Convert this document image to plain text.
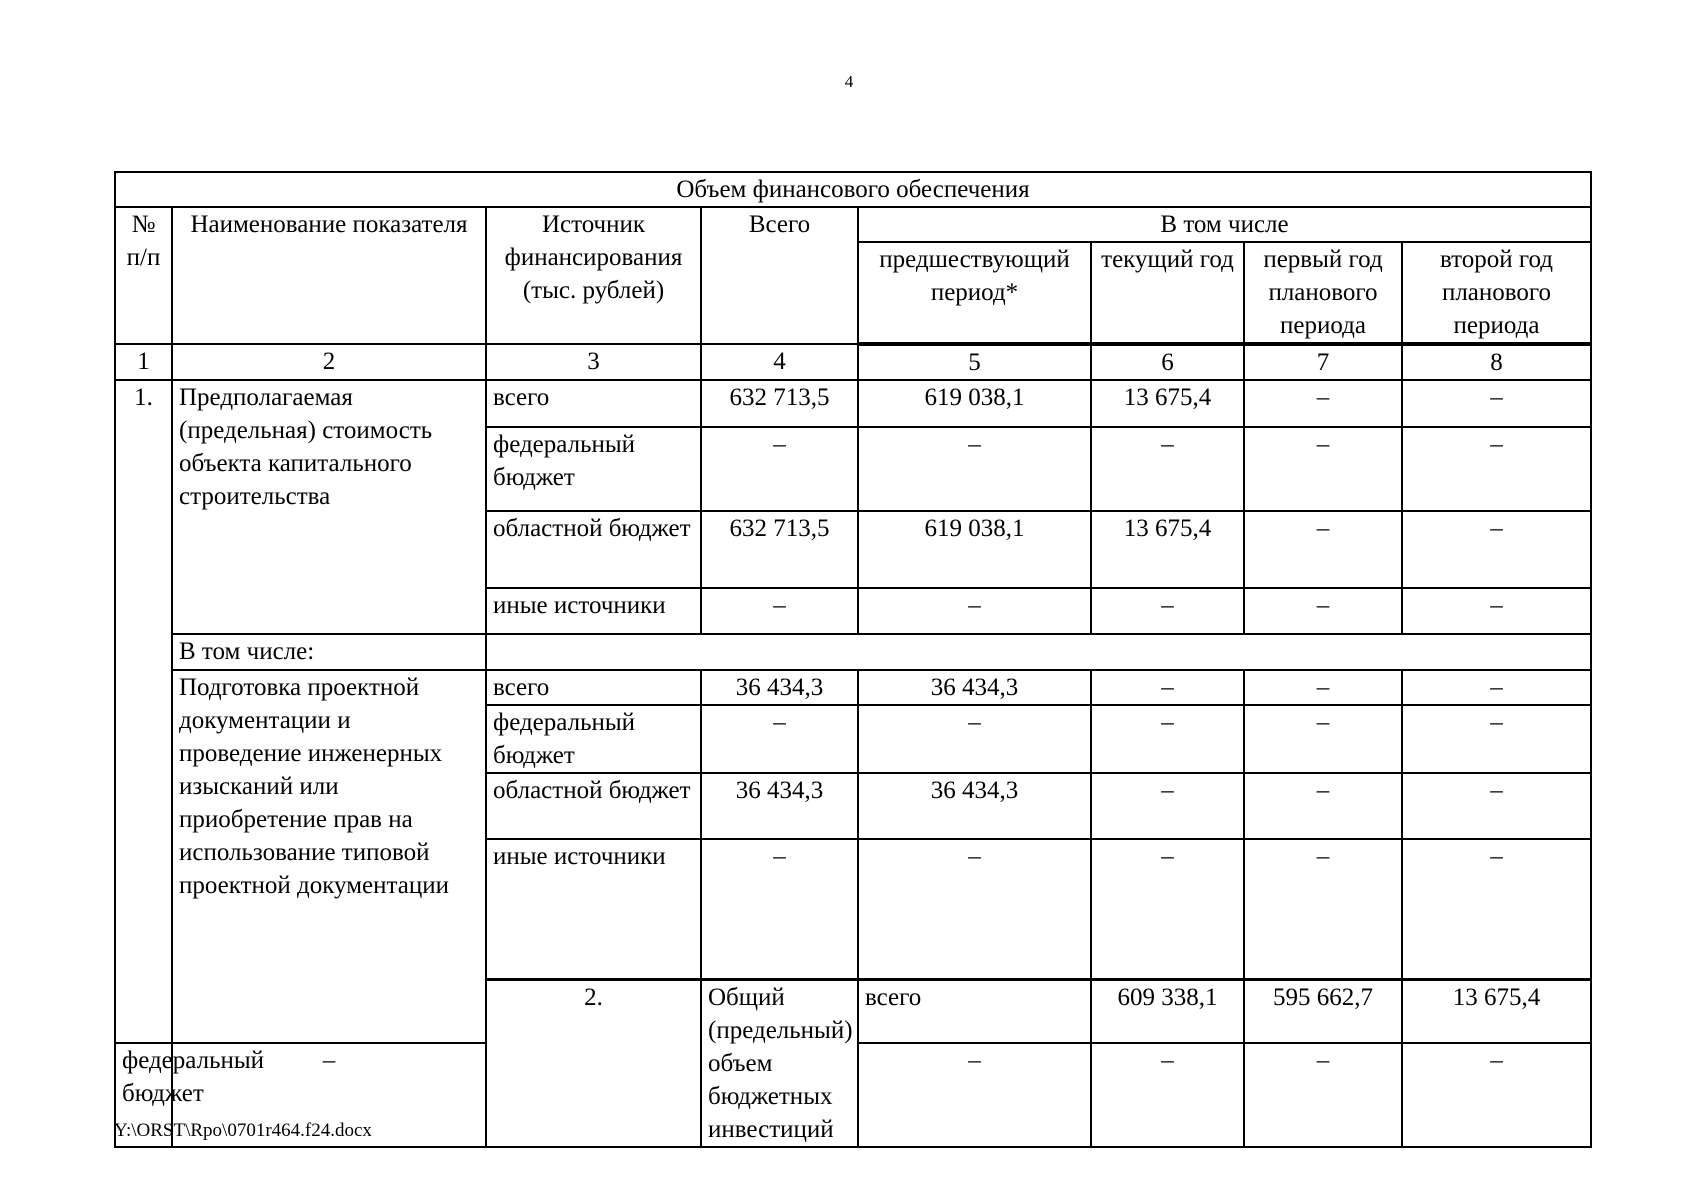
4
Объем финансового обеспечения								
№ п/п	Наименование показателя	Источник финансирования (тыс. рублей)	Всего	В том числе				
				предшествующий период*	текущий год	первый год планового периода	второй год планового периода	
1	2	3	4	5	6	7	8	
1.	Предполагаемая (предельная) стоимость объекта капитального строительства	всего	632 713,5	619 038,1	13 675,4	–	–	
		федеральный бюджет	–	–	–	–	–	
		областной бюджет	632 713,5	619 038,1	13 675,4	–	–	
		иные источники	–	–	–	–	–	
	В том числе:							
	Подготовка проектной документации и проведение инженерных изысканий или приобретение прав на использование типовой проектной документации	всего	36 434,3	36 434,3	–	–	–	
		федеральный бюджет	–	–	–	–	–	
		областной бюджет	36 434,3	36 434,3	–	–	–	
		иные источники	–	–	–	–	–	
		2.	Общий (предельный) объем бюджетных инвестиций	всего	609 338,1	595 662,7	13 675,4		
федеральный бюджет	–			–	–	–	–	
Y:\ORST\Rpo\0701r464.f24.docx
